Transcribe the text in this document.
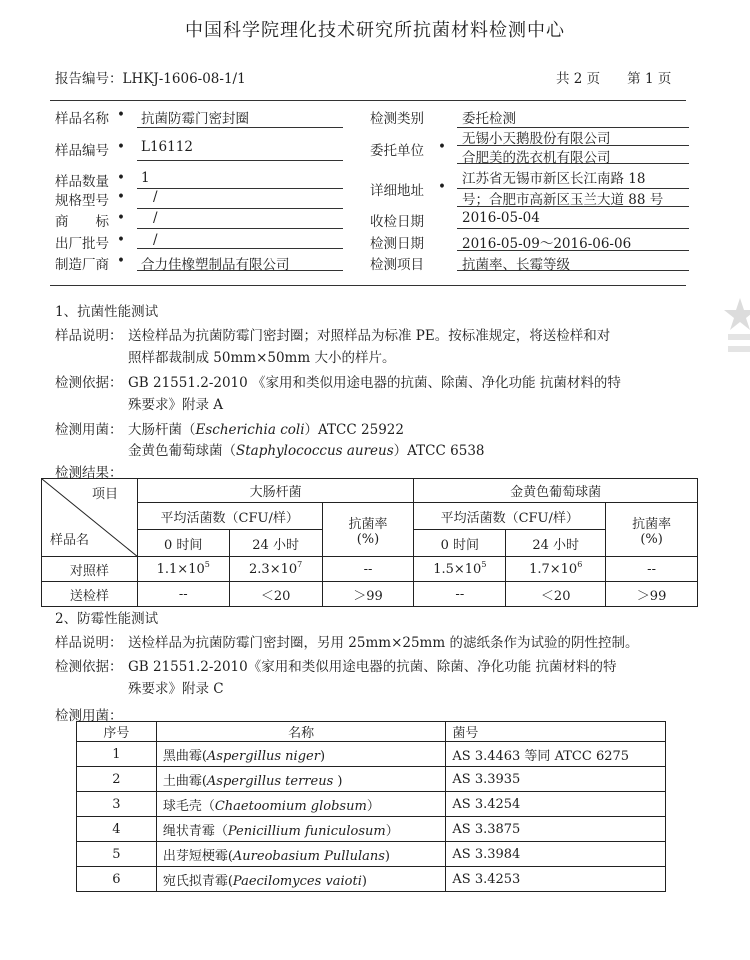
中国科学院理化技术研究所抗菌材料检测中心
报告编号：LHKJ-1606-08-1/1	共 2 页　　第 1 页
样品名称 • 抗菌防霉门密封圈
样品编号 • L16112
样品数量 • 1
规格型号 • /
商　　标 • /
出厂批号 • /
制造厂商 • 合力佳橡塑制品有限公司
检测类别	委托检测
委托单位 • 无锡小天鹅股份有限公司
合肥美的洗衣机有限公司
详细地址 • 江苏省无锡市新区长江南路 18
号；合肥市高新区玉兰大道 88 号
收检日期	2016-05-04
检测日期	2016-05-09～2016-06-06
检测项目	抗菌率、长霉等级
1、抗菌性能测试
样品说明： 送检样品为抗菌防霉门密封圈；对照样品为标准 PE。按标准规定，将送检样和对
照样都裁制成 50mm×50mm 大小的样片。
检测依据： GB 21551.2-2010 《家用和类似用途电器的抗菌、除菌、净化功能 抗菌材料的特
殊要求》附录 A
检测用菌： 大肠杆菌（Escherichia coli）ATCC 25922
金黄色葡萄球菌（Staphylococcus aureus）ATCC 6538
检测结果：
项目
样品名	大肠杆菌			金黄色葡萄球菌		
	平均活菌数（CFU/样）		抗菌率
(%)	平均活菌数（CFU/样）		抗菌率
(%)
	0 时间	24 小时		0 时间	24 小时	
对照样	$1.1\times 10^5$	$2.3\times 10^7$	--	$1.5\times 10^5$	$1.7\times 10^6$	--
送检样	--	＜20	＞99	--	＜20	＞99
2、防霉性能测试
样品说明： 送检样品为抗菌防霉门密封圈，另用 25mm×25mm 的滤纸条作为试验的阴性控制。
检测依据： GB 21551.2-2010《家用和类似用途电器的抗菌、除菌、净化功能 抗菌材料的特
殊要求》附录 C
检测用菌：
序号	名称	菌号
1	黑曲霉(Aspergillus niger)	AS 3.4463 等同 ATCC 6275
2	土曲霉(Aspergillus terreus )	AS 3.3935
3	球毛壳（Chaetoomium globsum）	AS 3.4254
4	绳状青霉（Penicillium funiculosum）	AS 3.3875
5	出芽短梗霉(Aureobasium Pullulans)	AS 3.3984
6	宛氏拟青霉(Paecilomyces vaioti)	AS 3.4253
